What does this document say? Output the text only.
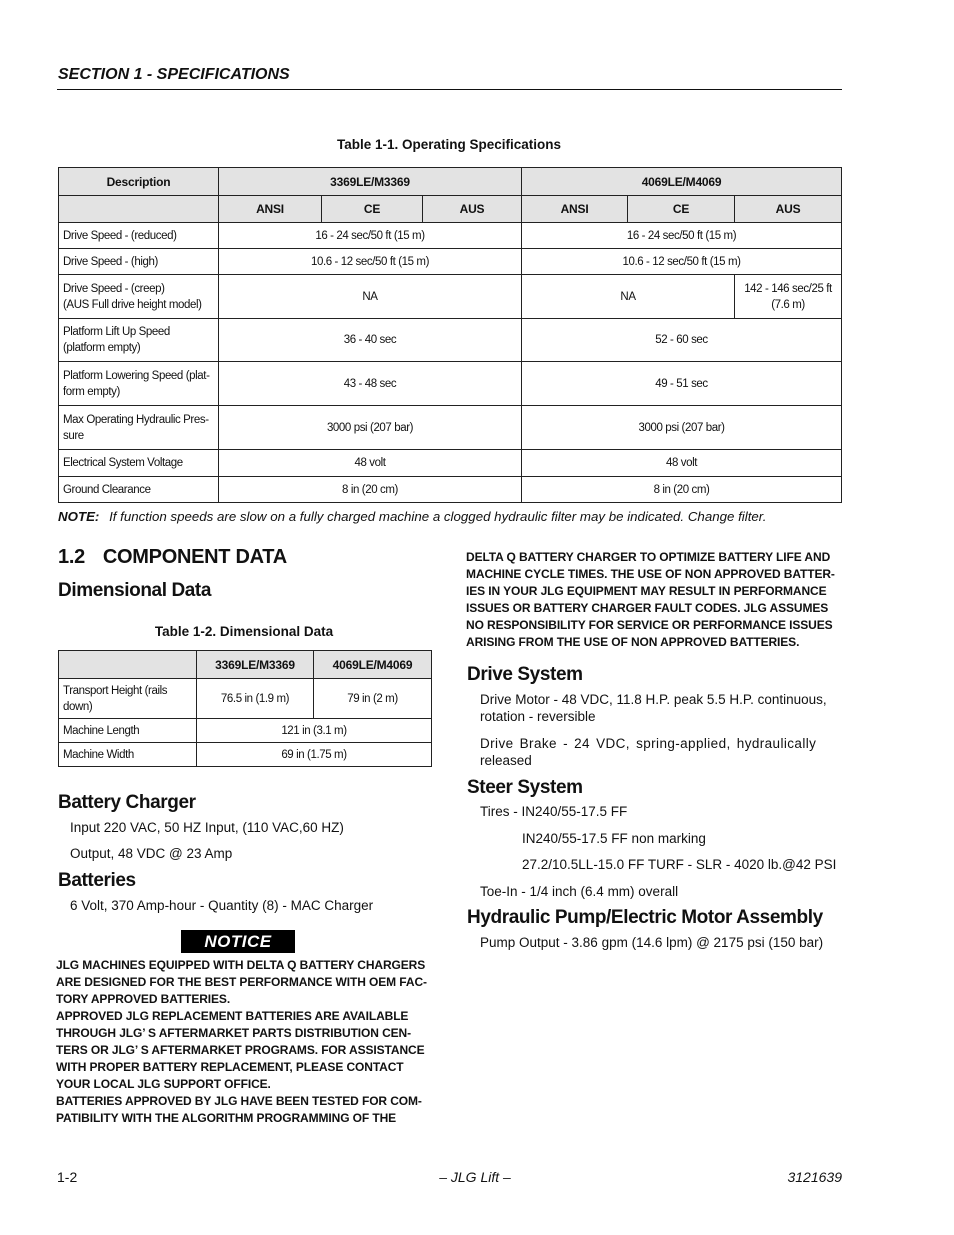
SECTION 1 - SPECIFICATIONS
Table 1-1. Operating Specifications
Description	3369LE/M3369			4069LE/M4069		
	ANSI	CE	AUS	ANSI	CE	AUS
Drive Speed - (reduced)	16 - 24 sec/50 ft (15 m)			16 - 24 sec/50 ft (15 m)		
Drive Speed - (high)	10.6 - 12 sec/50 ft (15 m)			10.6 - 12 sec/50 ft (15 m)		
Drive Speed - (creep)
(AUS Full drive height model)	NA			NA		142 - 146 sec/25 ft
(7.6 m)
Platform Lift Up Speed
(platform empty)	36 - 40 sec			52 - 60 sec		
Platform Lowering Speed (plat-
form empty)	43 - 48 sec			49 - 51 sec		
Max Operating Hydraulic Pres-
sure	3000 psi (207 bar)			3000 psi (207 bar)		
Electrical System Voltage	48 volt			48 volt		
Ground Clearance	8 in (20 cm)			8 in (20 cm)		
NOTE: If function speeds are slow on a fully charged machine a clogged hydraulic filter may be indicated. Change filter.
1.2 COMPONENT DATA
Dimensional Data
Table 1-2. Dimensional Data
	3369LE/M3369	4069LE/M4069
Transport Height (rails
down)	76.5 in (1.9 m)	79 in (2 m)
Machine Length	121 in (3.1 m)	
Machine Width	69 in (1.75 m)	
Battery Charger
Input 220 VAC, 50 HZ Input, (110 VAC,60 HZ)
Output, 48 VDC @ 23 Amp
Batteries
6 Volt, 370 Amp-hour - Quantity (8) - MAC Charger
NOTICE
JLG MACHINES EQUIPPED WITH DELTA Q BATTERY CHARGERS
ARE DESIGNED FOR THE BEST PERFORMANCE WITH OEM FAC-
TORY APPROVED BATTERIES.
APPROVED JLG REPLACEMENT BATTERIES ARE AVAILABLE
THROUGH JLG’ S AFTERMARKET PARTS DISTRIBUTION CEN-
TERS OR JLG’ S AFTERMARKET PROGRAMS. FOR ASSISTANCE
WITH PROPER BATTERY REPLACEMENT, PLEASE CONTACT
YOUR LOCAL JLG SUPPORT OFFICE.
BATTERIES APPROVED BY JLG HAVE BEEN TESTED FOR COM-
PATIBILITY WITH THE ALGORITHM PROGRAMMING OF THE
DELTA Q BATTERY CHARGER TO OPTIMIZE BATTERY LIFE AND
MACHINE CYCLE TIMES. THE USE OF NON APPROVED BATTER-
IES IN YOUR JLG EQUIPMENT MAY RESULT IN PERFORMANCE
ISSUES OR BATTERY CHARGER FAULT CODES. JLG ASSUMES
NO RESPONSIBILITY FOR SERVICE OR PERFORMANCE ISSUES
ARISING FROM THE USE OF NON APPROVED BATTERIES.
Drive System
Drive Motor - 48 VDC, 11.8 H.P. peak 5.5 H.P. continuous,
rotation - reversible
Drive Brake - 24 VDC, spring-applied, hydraulically
released
Steer System
Tires - IN240/55-17.5 FF
IN240/55-17.5 FF non marking
27.2/10.5LL-15.0 FF TURF - SLR - 4020 lb.@42 PSI
Toe-In - 1/4 inch (6.4 mm) overall
Hydraulic Pump/Electric Motor Assembly
Pump Output - 3.86 gpm (14.6 lpm) @ 2175 psi (150 bar)
1-2	– JLG Lift –	3121639
